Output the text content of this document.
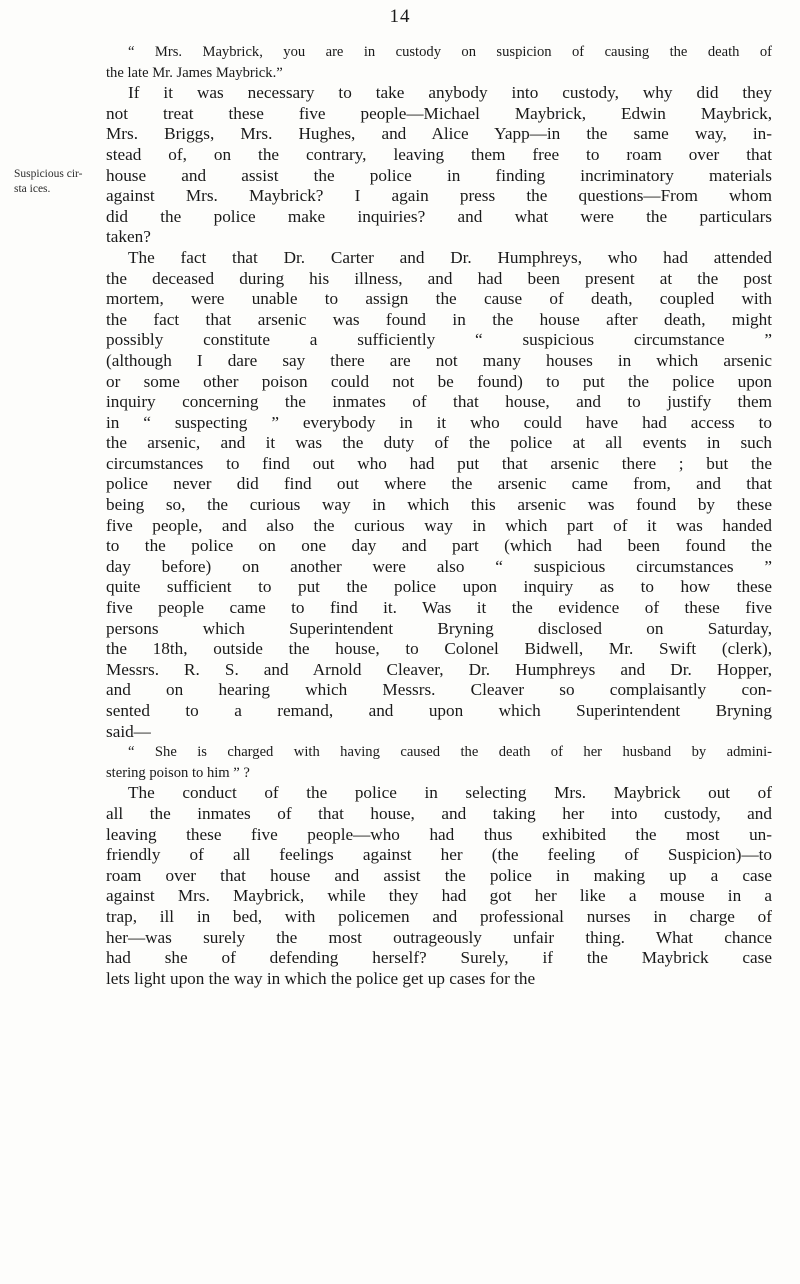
14
Suspicious cir-
sta ices.
“ Mrs. Maybrick, you are in custody on suspicion of causing the death of
the late Mr. James Maybrick.”
If it was necessary to take anybody into custody, why did they
not treat these five people—Michael Maybrick, Edwin Maybrick,
Mrs. Briggs, Mrs. Hughes, and Alice Yapp—in the same way, in-
stead of, on the contrary, leaving them free to roam over that
house and assist the police in finding incriminatory materials
against Mrs. Maybrick? I again press the questions—From whom
did the police make inquiries? and what were the particulars
taken?
The fact that Dr. Carter and Dr. Humphreys, who had attended
the deceased during his illness, and had been present at the post
mortem, were unable to assign the cause of death, coupled with
the fact that arsenic was found in the house after death, might
possibly constitute a sufficiently “ suspicious circumstance ”
(although I dare say there are not many houses in which arsenic
or some other poison could not be found) to put the police upon
inquiry concerning the inmates of that house, and to justify them
in “ suspecting ” everybody in it who could have had access to
the arsenic, and it was the duty of the police at all events in such
circumstances to find out who had put that arsenic there ; but the
police never did find out where the arsenic came from, and that
being so, the curious way in which this arsenic was found by these
five people, and also the curious way in which part of it was handed
to the police on one day and part (which had been found the
day before) on another were also “ suspicious circumstances ”
quite sufficient to put the police upon inquiry as to how these
five people came to find it. Was it the evidence of these five
persons which Superintendent Bryning disclosed on Saturday,
the 18th, outside the house, to Colonel Bidwell, Mr. Swift (clerk),
Messrs. R. S. and Arnold Cleaver, Dr. Humphreys and Dr. Hopper,
and on hearing which Messrs. Cleaver so complaisantly con-
sented to a remand, and upon which Superintendent Bryning
said—
“ She is charged with having caused the death of her husband by admini-
stering poison to him ” ?
The conduct of the police in selecting Mrs. Maybrick out of
all the inmates of that house, and taking her into custody, and
leaving these five people—who had thus exhibited the most un-
friendly of all feelings against her (the feeling of Suspicion)—to
roam over that house and assist the police in making up a case
against Mrs. Maybrick, while they had got her like a mouse in a
trap, ill in bed, with policemen and professional nurses in charge of
her—was surely the most outrageously unfair thing. What chance
had she of defending herself? Surely, if the Maybrick case
lets light upon the way in which the police get up cases for the
